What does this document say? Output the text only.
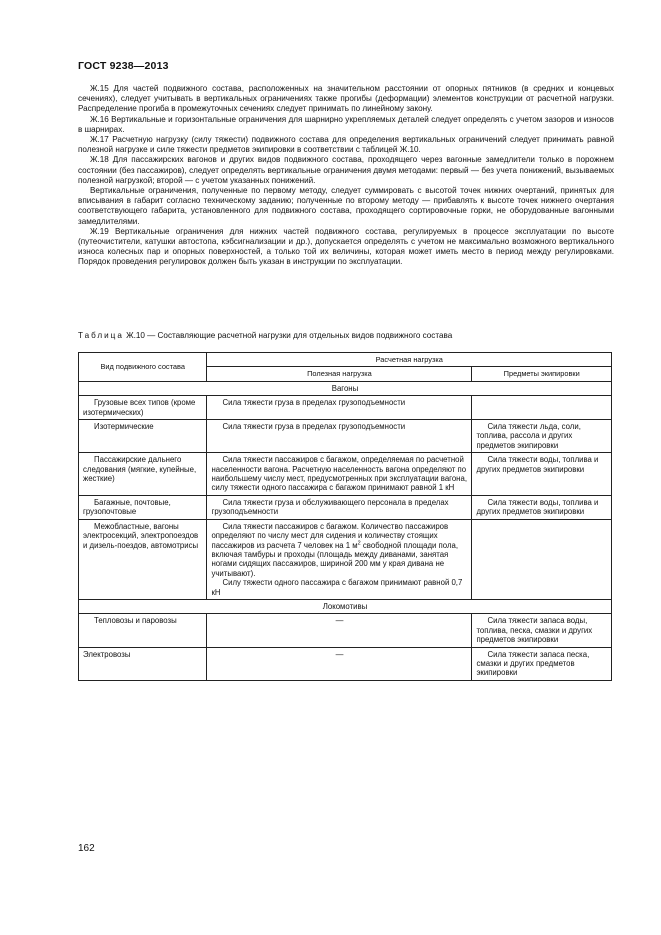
ГОСТ 9238—2013

Ж.15 Для частей подвижного состава, расположенных на значительном расстоянии от опорных пятников (в средних и концевых сечениях), следует учитывать в вертикальных ограничениях также прогибы (деформации) элементов конструкции от расчетной нагрузки. Распределение прогиба в промежуточных сечениях следует принимать по линейному закону.

Ж.16 Вертикальные и горизонтальные ограничения для шарнирно укрепляемых деталей следует определять с учетом зазоров и износов в шарнирах.

Ж.17 Расчетную нагрузку (силу тяжести) подвижного состава для определения вертикальных ограничений следует принимать равной полезной нагрузке и силе тяжести предметов экипировки в соответствии с таблицей Ж.10.

Ж.18 Для пассажирских вагонов и других видов подвижного состава, проходящего через вагонные замедлители только в порожнем состоянии (без пассажиров), следует определять вертикальные ограничения двумя методами: первый — без учета понижений, вызываемых полезной нагрузкой; второй — с учетом указанных понижений.

Вертикальные ограничения, полученные по первому методу, следует суммировать с высотой точек нижних очертаний, принятых для вписывания в габарит согласно техническому заданию; полученные по второму методу — прибавлять к высоте точек нижнего очертания соответствующего габарита, установленного для подвижного состава, проходящего сортировочные горки, не оборудованные вагонными замедлителями.

Ж.19 Вертикальные ограничения для нижних частей подвижного состава, регулируемых в процессе эксплуатации по высоте (путеочистители, катушки автостопа, кэбсигнализации и др.), допускается определять с учетом не максимально возможного вертикального износа колесных пар и опорных поверхностей, а только той их величины, которая может иметь место в период между регулировками. Порядок проведения регулировок должен быть указан в инструкции по эксплуатации.

Таблица Ж.10 — Составляющие расчетной нагрузки для отдельных видов подвижного состава
Вид подвижного состава	Расчетная нагрузка	
	Полезная нагрузка	Предметы экипировки
Вагоны		
Грузовые всех типов (кроме изотермических)	Сила тяжести груза в пределах грузоподъемности	
Изотермические	Сила тяжести груза в пределах грузоподъемности	Сила тяжести льда, соли, топлива, рассола и других предметов экипировки
Пассажирские дальнего следования (мягкие, купейные, жесткие)	Сила тяжести пассажиров с багажом, определяемая по расчетной населенности вагона. Расчетную населенность вагона определяют по наибольшему числу мест, предусмотренных при эксплуатации вагона, силу тяжести одного пассажира с багажом принимают равной 1 кН	Сила тяжести воды, топлива и других предметов экипировки
Багажные, почтовые, грузопочтовые	Сила тяжести груза и обслуживающего персонала в пределах грузоподъемности	Сила тяжести воды, топлива и других предметов экипировки
Межобластные, вагоны электросекций, электропоездов и дизель-поездов, автомотрисы	Сила тяжести пассажиров с багажом. Количество пассажиров определяют по числу мест для сидения и количеству стоящих пассажиров из расчета 7 человек на 1 $м^2$ свободной площади пола, включая тамбуры и проходы (площадь между диванами, занятая ногами сидящих пассажиров, шириной 200 мм у края дивана не учитывают).
Силу тяжести одного пассажира с багажом принимают равной 0,7 кН	

Локомотивы		
Тепловозы и паровозы	—	Сила тяжести запаса воды, топлива, песка, смазки и других предметов экипировки
Электровозы	—	Сила тяжести запаса песка, смазки и других предметов экипировки
162
